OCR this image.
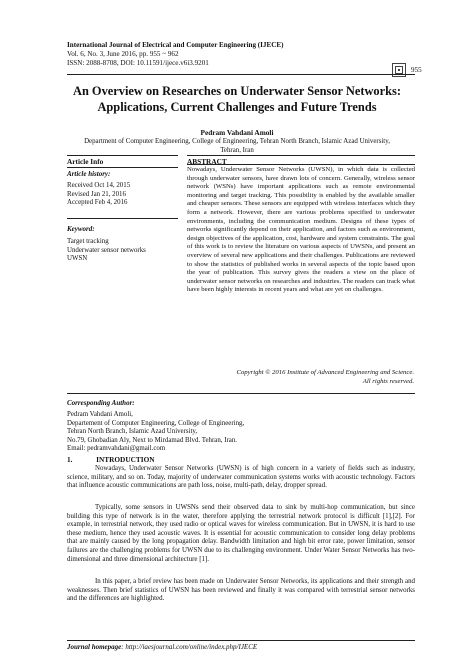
International Journal of Electrical and Computer Engineering (IJECE)
Vol. 6, No. 3, June 2016, pp. 955 ~ 962
ISSN: 2088-8708, DOI: 10.11591/ijece.v6i3.9201
955
An Overview on Researches on Underwater Sensor Networks:
Applications, Current Challenges and Future Trends
Pedram Vahdani Amoli
Department of Computer Engineering, College of Engineering, Tehran North Branch, Islamic Azad University,
Tehran, Iran
Article Info
Article history:
Received Oct 14, 2015
Revised Jan 21, 2016
Accepted Feb 4, 2016
Keyword:
Target tracking
Underwater sensor networks
UWSN
ABSTRACT
Nowadays, Underwater Sensor Networks (UWSN), in which data is collected through underwater sensors, have drawn lots of concern. Generally, wireless sensor network (WSNs) have important applications such as remote environmental monitoring and target tracking. This possibility is enabled by the available smaller and cheaper sensors. These sensors are equipped with wireless interfaces which they form a network. However, there are various problems specified to underwater environments, including the communication medium. Designs of these types of networks significantly depend on their application, and factors such as environment, design objectives of the application, cost, hardware and system constraints. The goal of this work is to review the literature on various aspects of UWSNs, and present an overview of several new applications and their challenges. Publications are reviewed to show the statistics of published works in several aspects of the topic based upon the year of publication. This survey gives the readers a view on the place of underwater sensor networks on researches and industries. The readers can track what have been highly interests in recent years and what are yet on challenges.
Copyright © 2016 Institute of Advanced Engineering and Science.
All rights reserved.
Corresponding Author:
Pedram Vahdani Amoli,
Departement of Computer Engineering, College of Engineering,
Tehran North Branch, Islamic Azad University,
No.79, Ghobadian Aly, Next to Mirdamad Blvd. Tehran, Iran.
Email: pedramvahdani@gmail.com
1.	INTRODUCTION
Nowadays, Underwater Sensor Networks (UWSN) is of high concern in a variety of fields such as industry, science, military, and so on. Today, majority of underwater communication systems works with acoustic technology. Factors that influence acoustic communications are path loss, noise, multi-path, delay, dropper spread.
Typically, some sensors in UWSNs send their observed data to sink by multi-hop communication, but since building this type of network is in the water, therefore applying the terrestrial network protocol is difficult [1],[2]. For example, in terrestrial network, they used radio or optical waves for wireless communication. But in UWSN, it is hard to use these medium, hence they used acoustic waves. It is essential for acoustic communication to consider long delay problems that are mainly caused by the long propagation delay. Bandwidth limitation and high bit error rate, power limitation, sensor failures are the challenging problems for UWSN due to its challenging environment. Under Water Sensor Networks has two-dimensional and three dimensional architecture [1].
In this paper, a brief review has been made on Underwater Sensor Networks, its applications and their strength and weaknesses. Then brief statistics of UWSN has been reviewed and finally it was compared with terrestrial sensor networks and the differences are highlighted.
Journal homepage: http://iaesjournal.com/online/index.php/IJECE
